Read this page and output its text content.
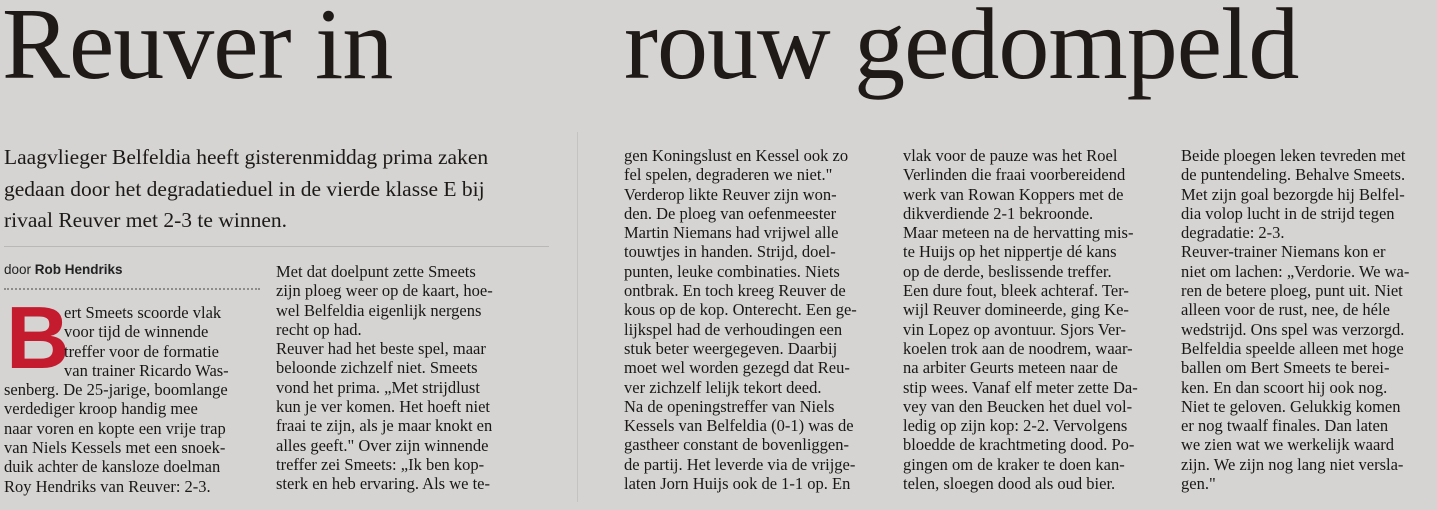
Reuver in rouw gedompeld
Laagvlieger Belfeldia heeft gisterenmiddag prima zaken
gedaan door het degradatieduel in de vierde klasse E bij
rivaal Reuver met 2-3 te winnen.
door Rob Hendriks
B
ert Smeets scoorde vlak
voor tijd de winnende
treffer voor de formatie
van trainer Ricardo Was-
senberg. De 25-jarige, boomlange
verdediger kroop handig mee
naar voren en kopte een vrije trap
van Niels Kessels met een snoek-
duik achter de kansloze doelman
Roy Hendriks van Reuver: 2-3.
Met dat doelpunt zette Smeets
zijn ploeg weer op de kaart, hoe-
wel Belfeldia eigenlijk nergens
recht op had.
Reuver had het beste spel, maar
beloonde zichzelf niet. Smeets
vond het prima. „Met strijdlust
kun je ver komen. Het hoeft niet
fraai te zijn, als je maar knokt en
alles geeft." Over zijn winnende
treffer zei Smeets: „Ik ben kop-
sterk en heb ervaring. Als we te-
gen Koningslust en Kessel ook zo
fel spelen, degraderen we niet."
Verderop likte Reuver zijn won-
den. De ploeg van oefenmeester
Martin Niemans had vrijwel alle
touwtjes in handen. Strijd, doel-
punten, leuke combinaties. Niets
ontbrak. En toch kreeg Reuver de
kous op de kop. Onterecht. Een ge-
lijkspel had de verhoudingen een
stuk beter weergegeven. Daarbij
moet wel worden gezegd dat Reu-
ver zichzelf lelijk tekort deed.
Na de openingstreffer van Niels
Kessels van Belfeldia (0-1) was de
gastheer constant de bovenliggen-
de partij. Het leverde via de vrijge-
laten Jorn Huijs ook de 1-1 op. En
vlak voor de pauze was het Roel
Verlinden die fraai voorbereidend
werk van Rowan Koppers met de
dikverdiende 2-1 bekroonde.
Maar meteen na de hervatting mis-
te Huijs op het nippertje dé kans
op de derde, beslissende treffer.
Een dure fout, bleek achteraf. Ter-
wijl Reuver domineerde, ging Ke-
vin Lopez op avontuur. Sjors Ver-
koelen trok aan de noodrem, waar-
na arbiter Geurts meteen naar de
stip wees. Vanaf elf meter zette Da-
vey van den Beucken het duel vol-
ledig op zijn kop: 2-2. Vervolgens
bloedde de krachtmeting dood. Po-
gingen om de kraker te doen kan-
telen, sloegen dood als oud bier.
Beide ploegen leken tevreden met
de puntendeling. Behalve Smeets.
Met zijn goal bezorgde hij Belfel-
dia volop lucht in de strijd tegen
degradatie: 2-3.
Reuver-trainer Niemans kon er
niet om lachen: „Verdorie. We wa-
ren de betere ploeg, punt uit. Niet
alleen voor de rust, nee, de héle
wedstrijd. Ons spel was verzorgd.
Belfeldia speelde alleen met hoge
ballen om Bert Smeets te berei-
ken. En dan scoort hij ook nog.
Niet te geloven. Gelukkig komen
er nog twaalf finales. Dan laten
we zien wat we werkelijk waard
zijn. We zijn nog lang niet versla-
gen."
